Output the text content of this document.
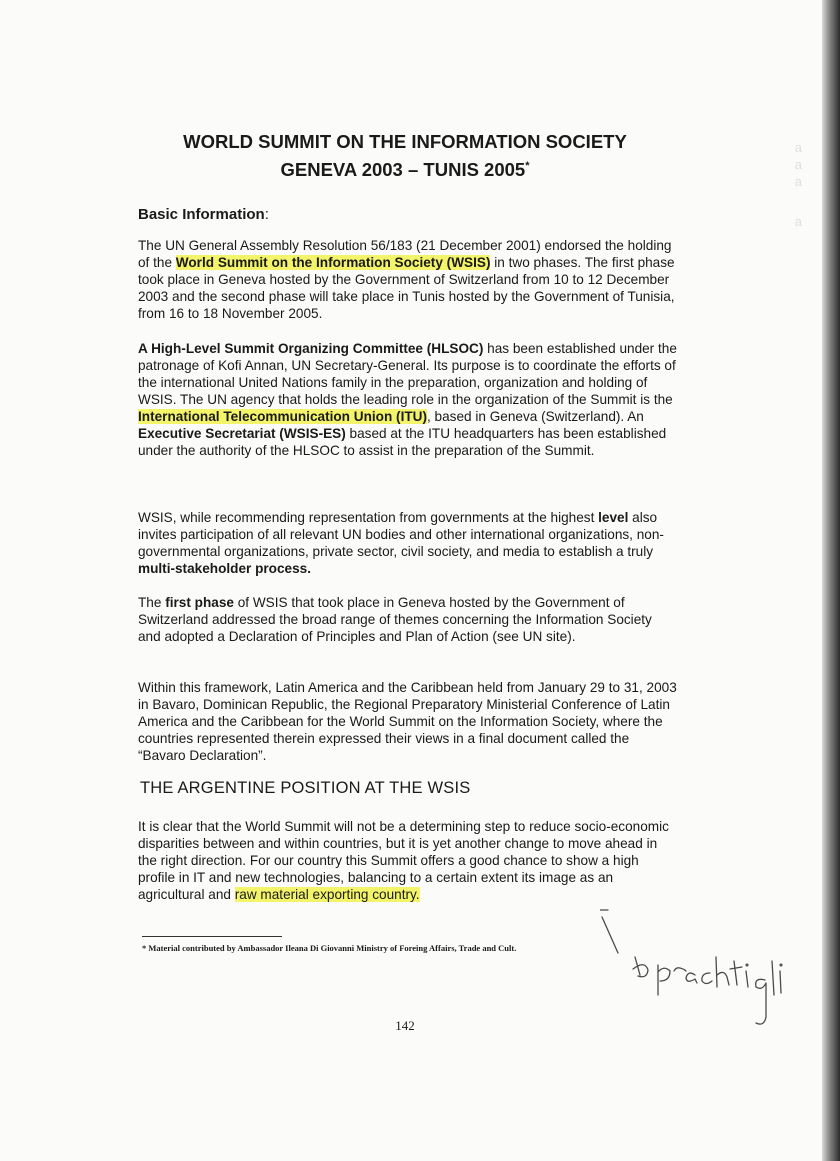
a
a
a
a
WORLD SUMMIT ON THE INFORMATION SOCIETY
GENEVA 2003 – TUNIS 2005*
Basic Information:

The UN General Assembly Resolution 56/183 (21 December 2001) endorsed the holding of the World Summit on the Information Society (WSIS) in two phases. The first phase took place in Geneva hosted by the Government of Switzerland from 10 to 12 December 2003 and the second phase will take place in Tunis hosted by the Government of Tunisia, from 16 to 18 November 2005.

A High-Level Summit Organizing Committee (HLSOC) has been established under the patronage of Kofi Annan, UN Secretary-General. Its purpose is to coordinate the efforts of the international United Nations family in the preparation, organization and holding of WSIS. The UN agency that holds the leading role in the organization of the Summit is the International Telecommunication Union (ITU), based in Geneva (Switzerland). An Executive Secretariat (WSIS-ES) based at the ITU headquarters has been established under the authority of the HLSOC to assist in the preparation of the Summit.

WSIS, while recommending representation from governments at the highest level also invites participation of all relevant UN bodies and other international organizations, non-governmental organizations, private sector, civil society, and media to establish a truly multi-stakeholder process.

The first phase of WSIS that took place in Geneva hosted by the Government of Switzerland addressed the broad range of themes concerning the Information Society and adopted a Declaration of Principles and Plan of Action (see UN site).

Within this framework, Latin America and the Caribbean held from January 29 to 31, 2003 in Bavaro, Dominican Republic, the Regional Preparatory Ministerial Conference of Latin America and the Caribbean for the World Summit on the Information Society, where the countries represented therein expressed their views in a final document called the “Bavaro Declaration”.

THE ARGENTINE POSITION AT THE WSIS

It is clear that the World Summit will not be a determining step to reduce socio-economic disparities between and within countries, but it is yet another change to move ahead in the right direction. For our country this Summit offers a good chance to show a high profile in IT and new technologies, balancing to a certain extent its image as an agricultural and raw material exporting country.

* Material contributed by Ambassador Ileana Di Giovanni Ministry of Foreing Affairs, Trade and Cult.
142
